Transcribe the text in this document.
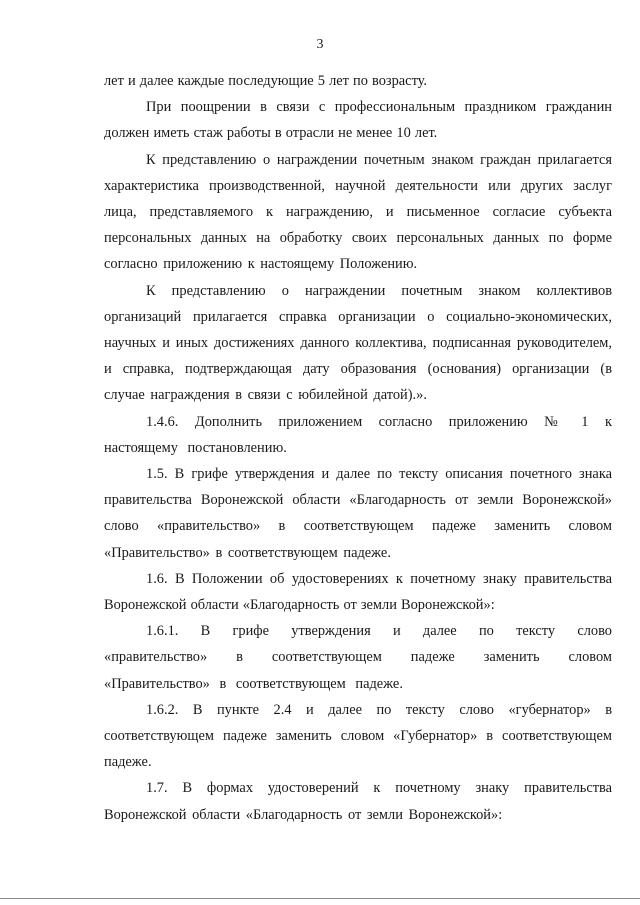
3

лет и далее каждые последующие 5 лет по возрасту.

При поощрении в связи с профессиональным праздником гражданин должен иметь стаж работы в отрасли не менее 10 лет.

К представлению о награждении почетным знаком граждан прилагается характеристика производственной, научной деятельности или других заслуг лица, представляемого к награждению, и письменное согласие субъекта персональных данных на обработку своих персональных данных по форме согласно приложению к настоящему Положению.

К представлению о награждении почетным знаком коллективов организаций прилагается справка организации о социально-экономических, научных и иных достижениях данного коллектива, подписанная руководителем, и справка, подтверждающая дату образования (основания) организации (в случае награждения в связи с юбилейной датой).».

1.4.6. Дополнить приложением согласно приложению № 1 к настоящему постановлению.

1.5. В грифе утверждения и далее по тексту описания почетного знака правительства Воронежской области «Благодарность от земли Воронежской» слово «правительство» в соответствующем падеже заменить словом «Правительство» в соответствующем падеже.

1.6. В Положении об удостоверениях к почетному знаку правительства Воронежской области «Благодарность от земли Воронежской»:

1.6.1. В грифе утверждения и далее по тексту слово «правительство» в соответствующем падеже заменить словом «Правительство» в соответствующем падеже.

1.6.2. В пункте 2.4 и далее по тексту слово «губернатор» в соответствующем падеже заменить словом «Губернатор» в соответствующем падеже.

1.7. В формах удостоверений к почетному знаку правительства Воронежской области «Благодарность от земли Воронежской»:
